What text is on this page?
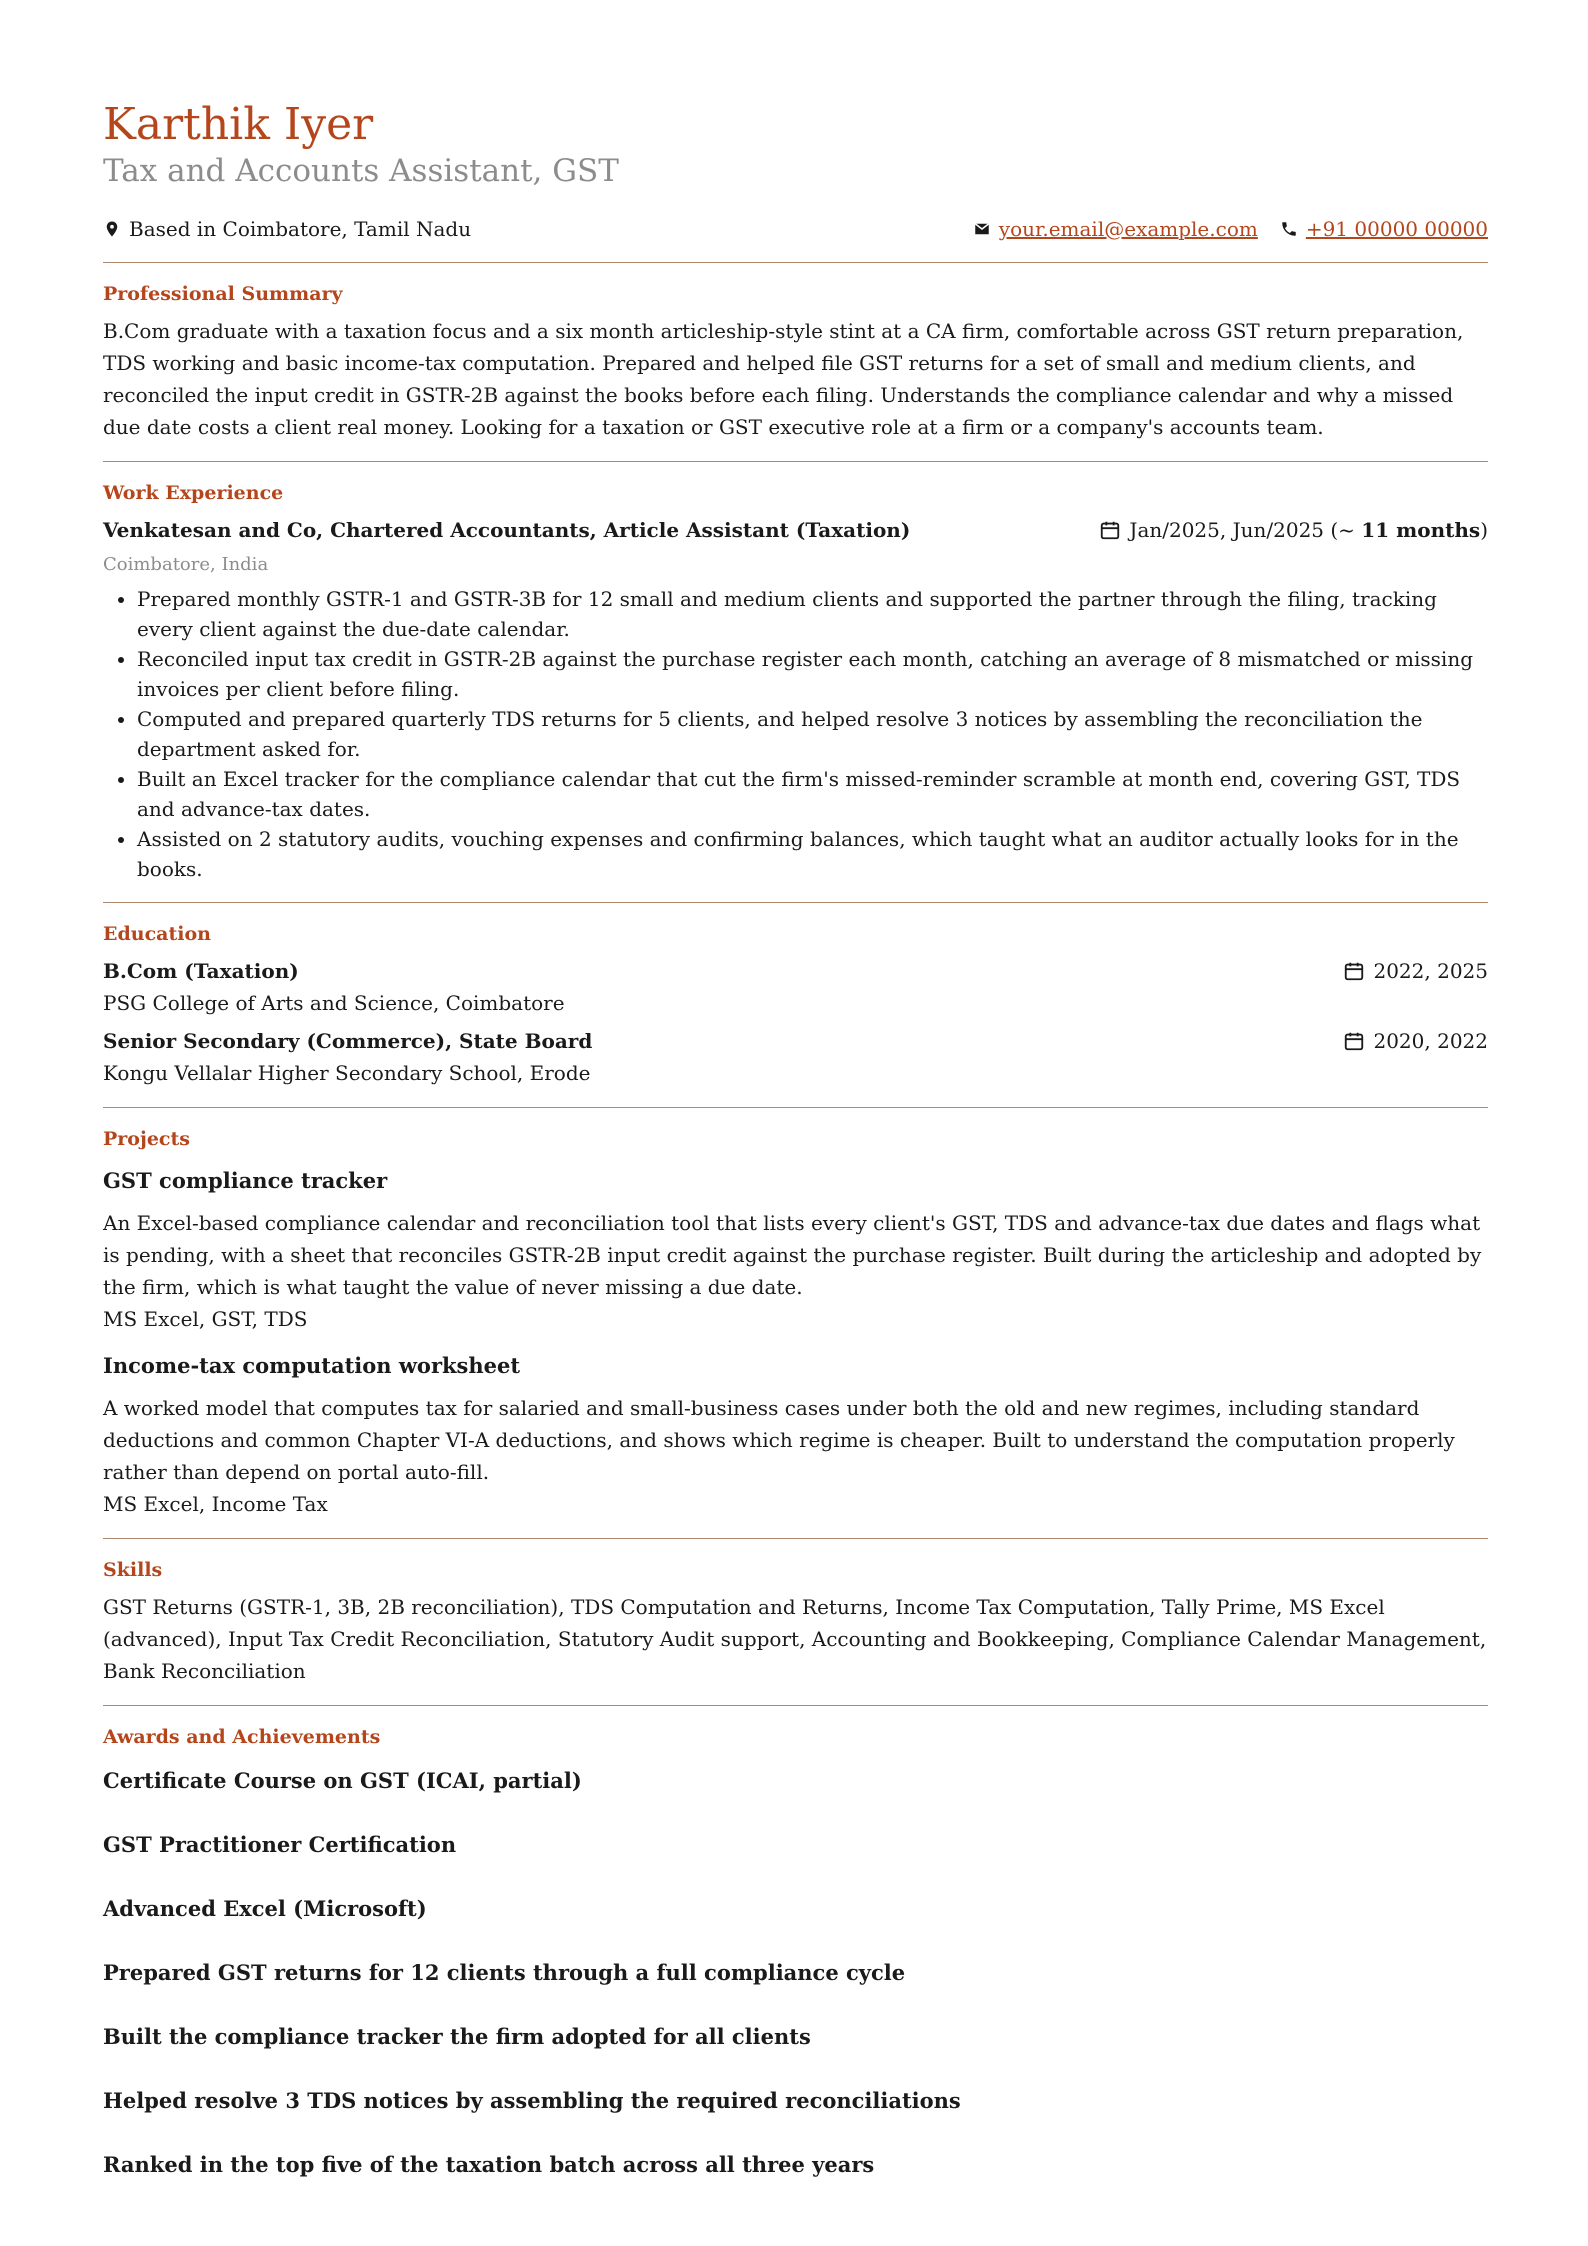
Karthik Iyer
Tax and Accounts Assistant, GST
Based in Coimbatore, Tamil Nadu	your.email@example.com +91 00000 00000
Professional Summary

B.Com graduate with a taxation focus and a six month articleship-style stint at a CA firm, comfortable across GST return preparation, TDS working and basic income-tax computation. Prepared and helped file GST returns for a set of small and medium clients, and reconciled the input credit in GSTR-2B against the books before each filing. Understands the compliance calendar and why a missed due date costs a client real money. Looking for a taxation or GST executive role at a firm or a company's accounts team.

Work Experience
Venkatesan and Co, Chartered Accountants, Article Assistant (Taxation)	Jan/2025, Jun/2025 (~ 11 months)

Coimbatore, India

• Prepared monthly GSTR-1 and GSTR-3B for 12 small and medium clients and supported the partner through the filing, tracking every client against the due-date calendar.
• Reconciled input tax credit in GSTR-2B against the purchase register each month, catching an average of 8 mismatched or missing invoices per client before filing.
• Computed and prepared quarterly TDS returns for 5 clients, and helped resolve 3 notices by assembling the reconciliation the department asked for.
• Built an Excel tracker for the compliance calendar that cut the firm's missed-reminder scramble at month end, covering GST, TDS and advance-tax dates.
• Assisted on 2 statutory audits, vouching expenses and confirming balances, which taught what an auditor actually looks for in the books.
Education
B.Com (Taxation)	2022, 2025

PSG College of Arts and Science, Coimbatore

Senior Secondary (Commerce), State Board	2020, 2022

Kongu Vellalar Higher Secondary School, Erode

Projects
GST compliance tracker

An Excel-based compliance calendar and reconciliation tool that lists every client's GST, TDS and advance-tax due dates and flags what is pending, with a sheet that reconciles GSTR-2B input credit against the purchase register. Built during the articleship and adopted by the firm, which is what taught the value of never missing a due date.

MS Excel, GST, TDS

Income-tax computation worksheet

A worked model that computes tax for salaried and small-business cases under both the old and new regimes, including standard deductions and common Chapter VI-A deductions, and shows which regime is cheaper. Built to understand the computation properly rather than depend on portal auto-fill.

MS Excel, Income Tax

Skills

GST Returns (GSTR-1, 3B, 2B reconciliation), TDS Computation and Returns, Income Tax Computation, Tally Prime, MS Excel (advanced), Input Tax Credit Reconciliation, Statutory Audit support, Accounting and Bookkeeping, Compliance Calendar Management, Bank Reconciliation

Awards and Achievements
Certificate Course on GST (ICAI, partial)
GST Practitioner Certification
Advanced Excel (Microsoft)
Prepared GST returns for 12 clients through a full compliance cycle
Built the compliance tracker the firm adopted for all clients
Helped resolve 3 TDS notices by assembling the required reconciliations
Ranked in the top five of the taxation batch across all three years
